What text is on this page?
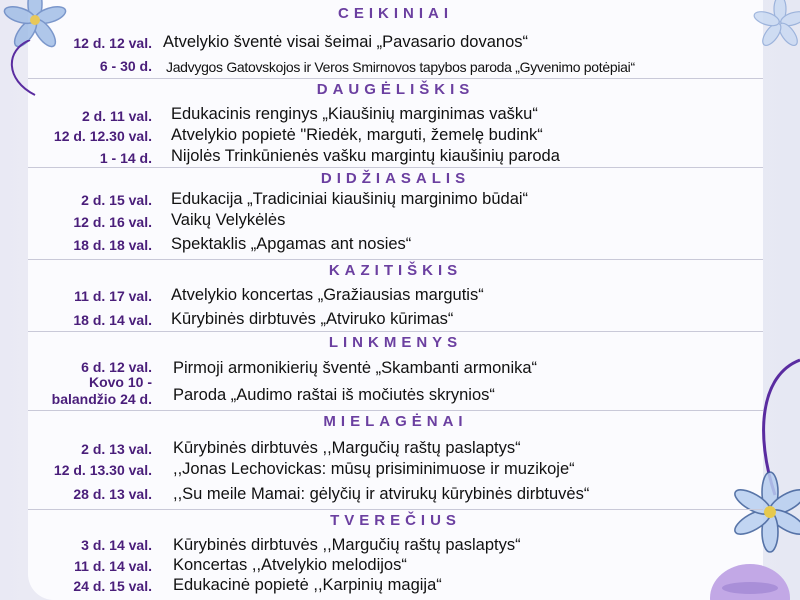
CEIKINIAI
12 d. 12 val. Atvelykio šventė visai šeimai „Pavasario dovanos“
6 - 30 d. Jadvygos Gatovskojos ir Veros Smirnovos tapybos paroda „Gyvenimo potėpiai“
DAUGĖLIŠKIS
2 d. 11 val. Edukacinis renginys „Kiaušinių marginimas vašku“
12 d. 12.30 val. Atvelykio popietė "Riedėk, marguti, žemelę budink“
1 - 14 d. Nijolės Trinkūnienės vašku margintų kiaušinių paroda
DIDŽIASALIS
2 d. 15 val. Edukacija „Tradiciniai kiaušinių marginimo būdai“
12 d. 16 val. Vaikų Velykėlės
18 d. 18 val. Spektaklis „Apgamas ant nosies“
KAZITIŠKIS
11 d. 17 val. Atvelykio koncertas „Gražiausias margutis“
18 d. 14 val. Kūrybinės dirbtuvės „Atviruko kūrimas“
LINKMENYS
6 d. 12 val. Pirmoji armonikierių šventė „Skambanti armonika“
Kovo 10 -
balandžio 24 d. Paroda „Audimo raštai iš močiutės skrynios“
MIELAGĖNAI
2 d. 13 val. Kūrybinės dirbtuvės ,,Margučių raštų paslaptys“
12 d. 13.30 val. ,,Jonas Lechovickas: mūsų prisiminimuose ir muzikoje“
28 d. 13 val. ,,Su meile Mamai: gėlyčių ir atvirukų kūrybinės dirbtuvės“
TVEREČIUS
3 d. 14 val. Kūrybinės dirbtuvės ,,Margučių raštų paslaptys“
11 d. 14 val. Koncertas ,,Atvelykio melodijos“
24 d. 15 val. Edukacinė popietė ,,Karpinių magija“
